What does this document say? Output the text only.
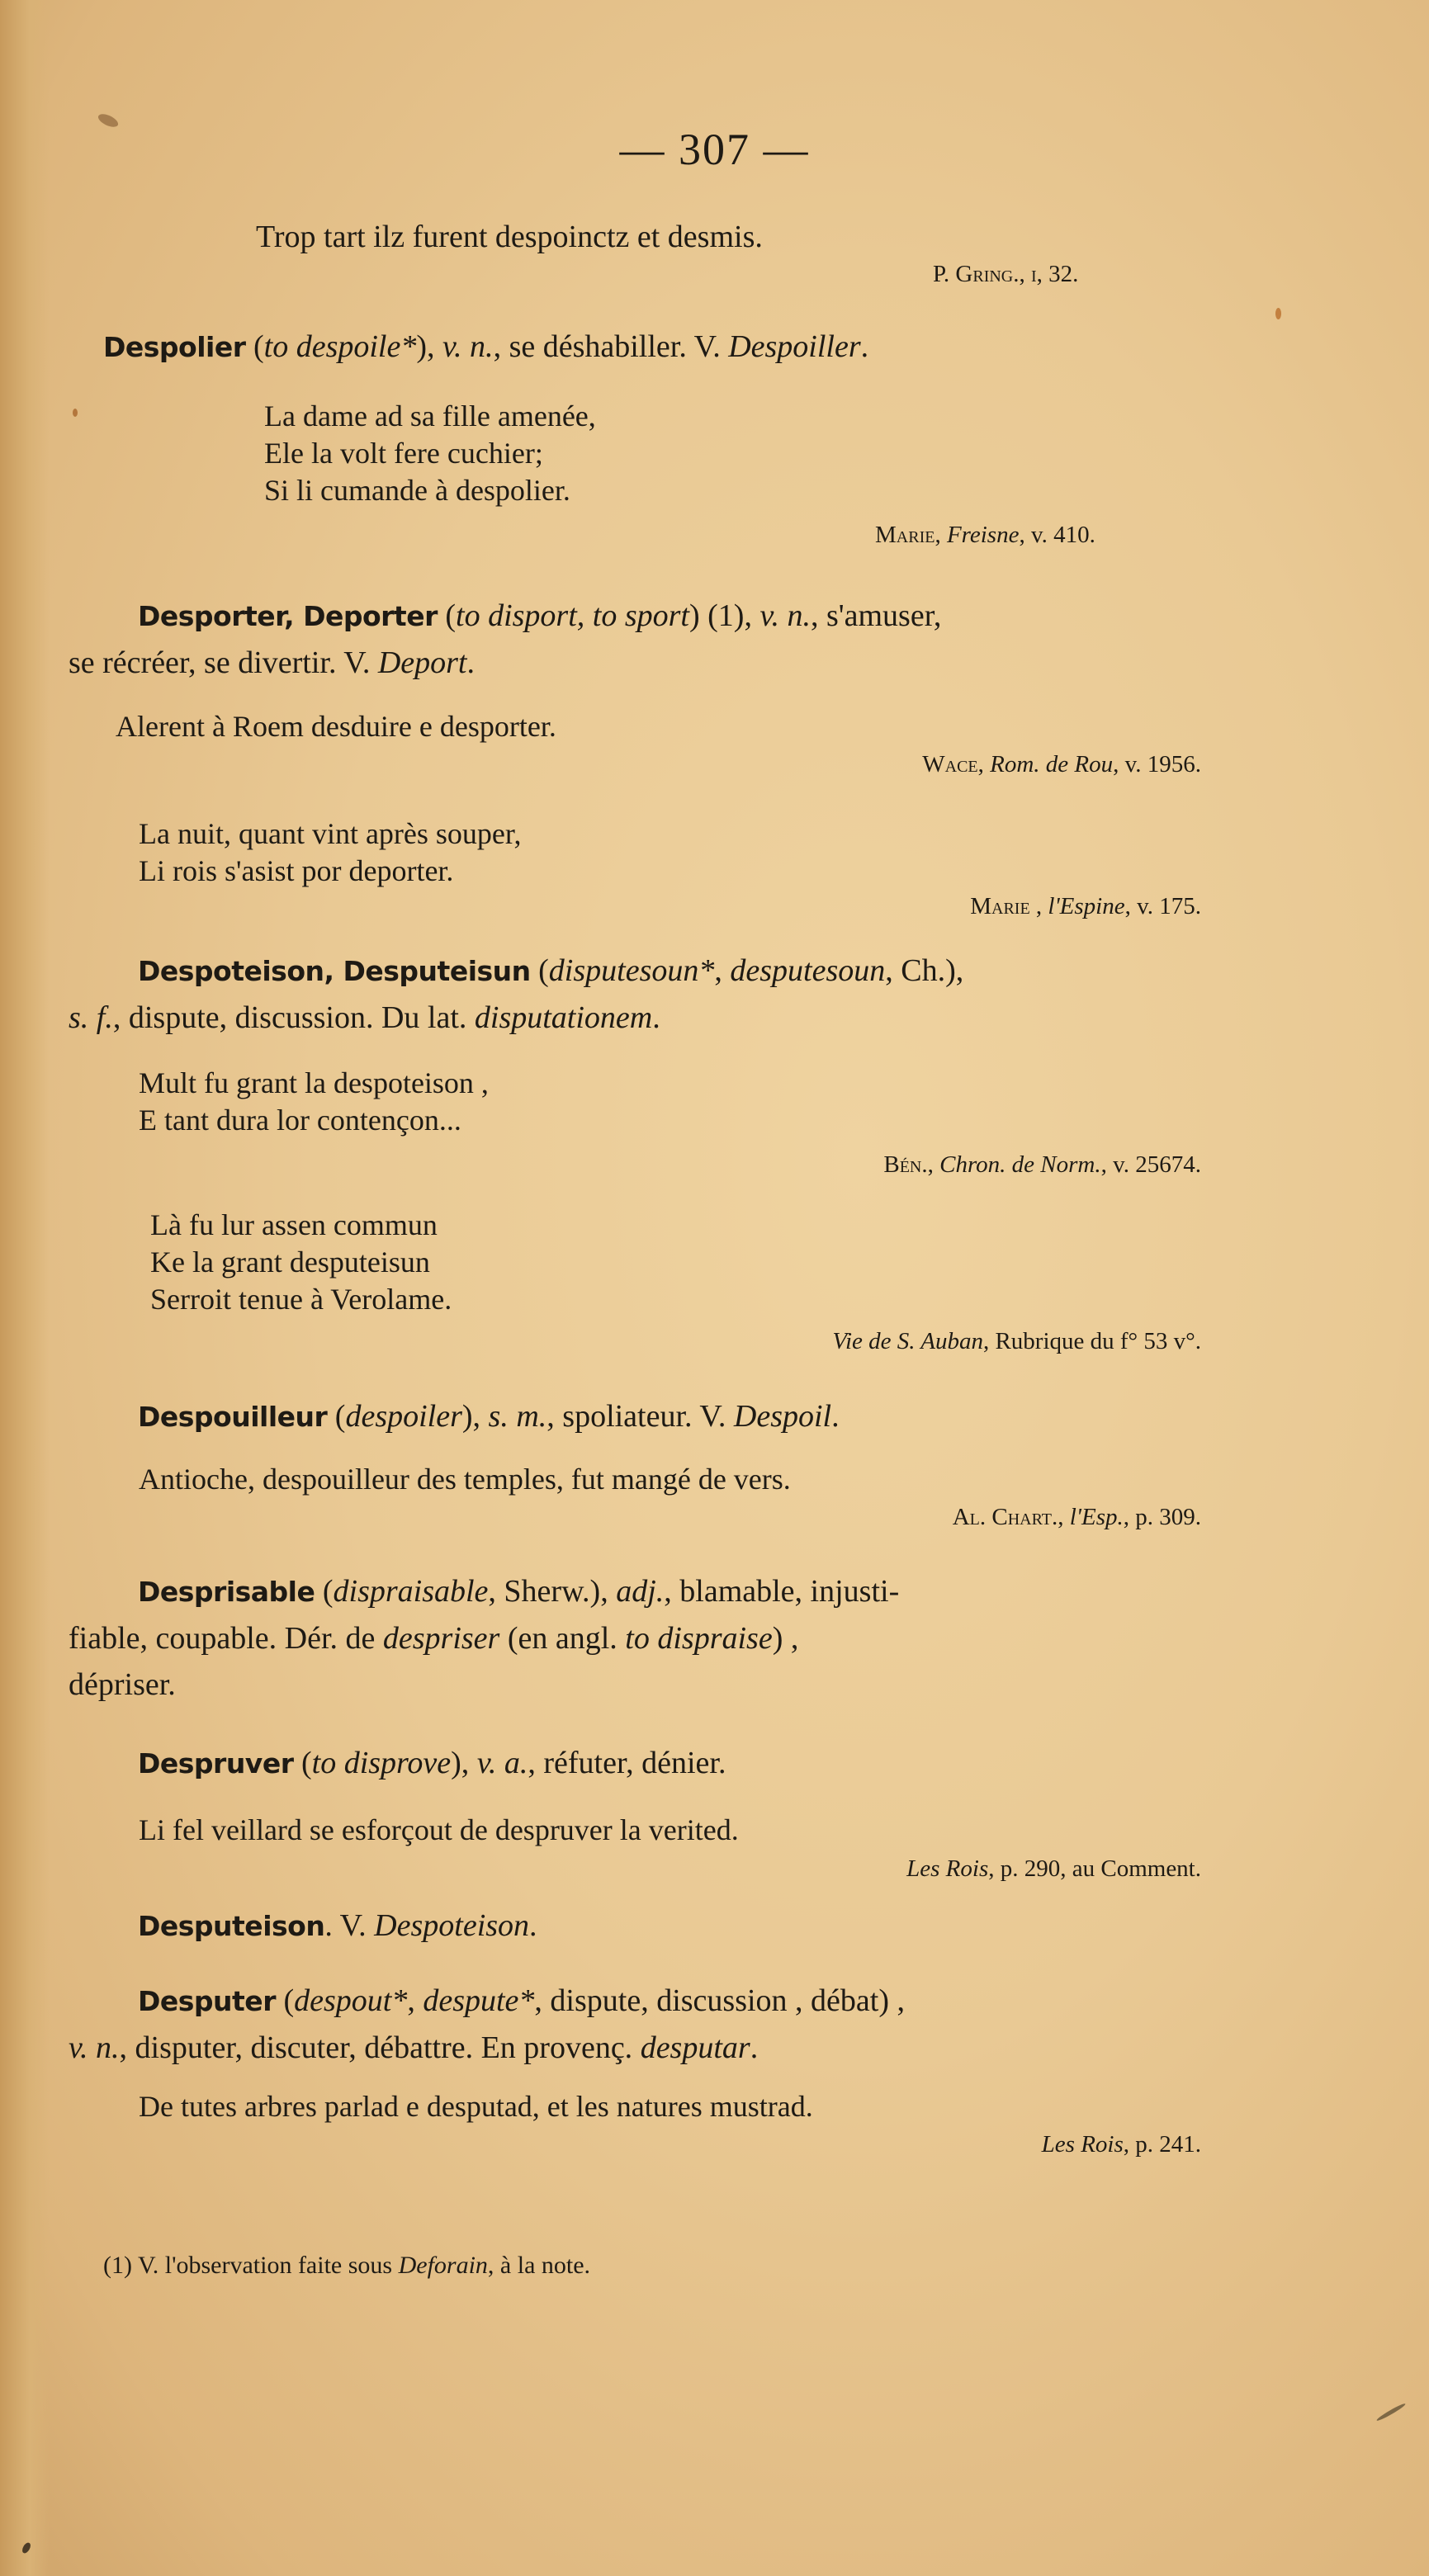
— 307 —
Trop tart ilz furent despoinctz et desmis.
P. Gring., i, 32.
Despolier (to despoile*), v. n., se déshabiller. V. Despoiller.
La dame ad sa fille amenée,
Ele la volt fere cuchier;
Si li cumande à despolier.
Marie, Freisne, v. 410.
Desporter, Deporter (to disport, to sport) (1), v. n., s'amuser,
se récréer, se divertir. V. Deport.
Alerent à Roem desduire e desporter.
Wace, Rom. de Rou, v. 1956.
La nuit, quant vint après souper,
Li rois s'asist por deporter.
Marie , l'Espine, v. 175.
Despoteison, Desputeisun (disputesoun*, desputesoun, Ch.),
s. f., dispute, discussion. Du lat. disputationem.
Mult fu grant la despoteison ,
E tant dura lor contençon...
Bén., Chron. de Norm., v. 25674.
Là fu lur assen commun
Ke la grant desputeisun
Serroit tenue à Verolame.
Vie de S. Auban, Rubrique du f° 53 v°.
Despouilleur (despoiler), s. m., spoliateur. V. Despoil.
Antioche, despouilleur des temples, fut mangé de vers.
Al. Chart., l'Esp., p. 309.
Desprisable (dispraisable, Sherw.), adj., blamable, injusti-
fiable, coupable. Dér. de despriser (en angl. to dispraise) ,
dépriser.
Despruver (to disprove), v. a., réfuter, dénier.
Li fel veillard se esforçout de despruver la verited.
Les Rois, p. 290, au Comment.
Desputeison. V. Despoteison.
Desputer (despout*, despute*, dispute, discussion , débat) ,
v. n., disputer, discuter, débattre. En provenç. desputar.
De tutes arbres parlad e desputad, et les natures mustrad.
Les Rois, p. 241.
(1) V. l'observation faite sous Deforain, à la note.
